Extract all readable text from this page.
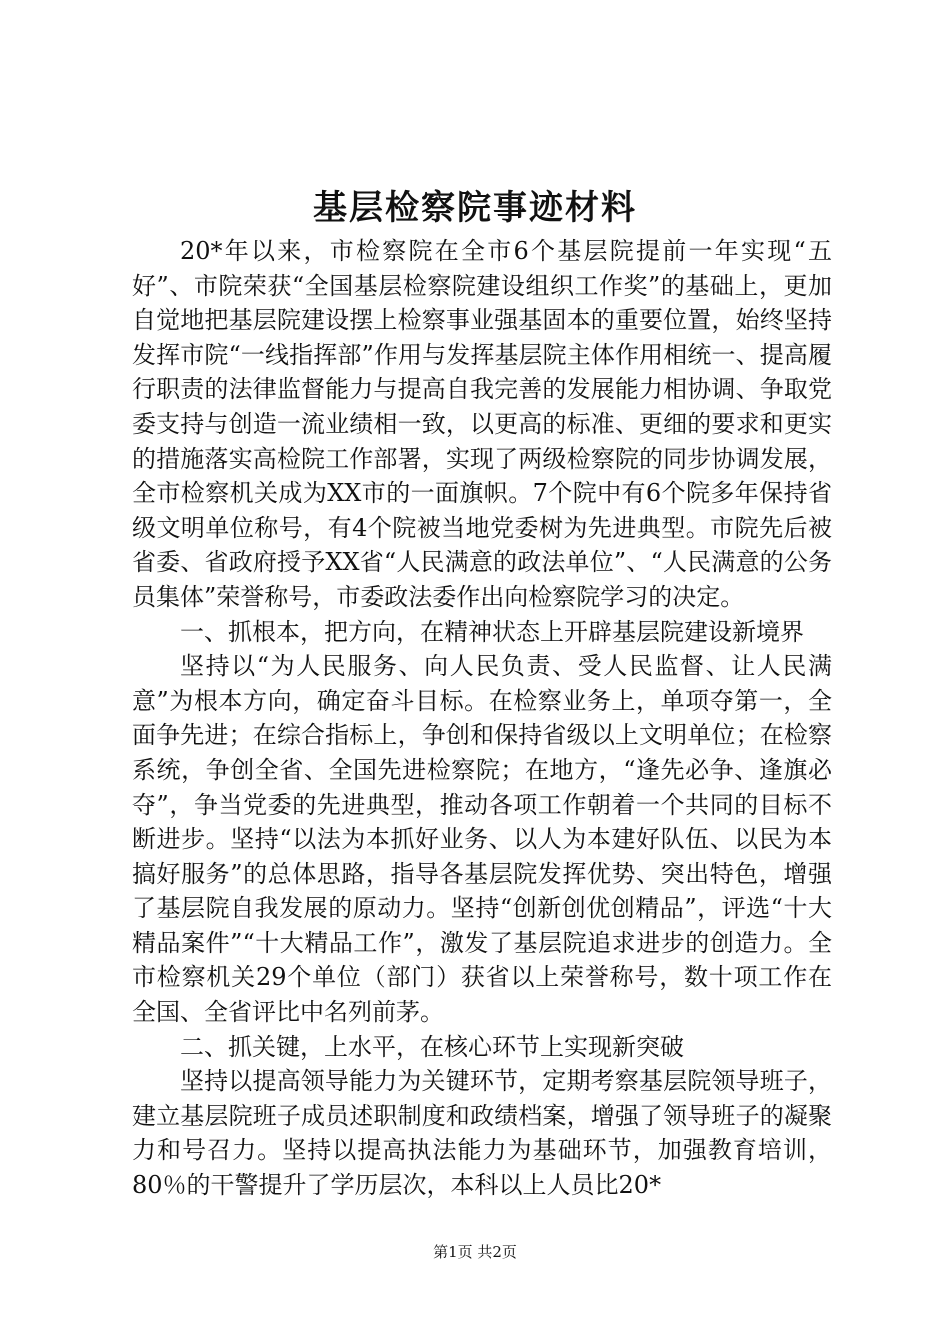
基层检察院事迹材料

20*年以来，市检察院在全市6个基层院提前一年实现“五好”、市院荣获“全国基层检察院建设组织工作奖”的基础上，更加自觉地把基层院建设摆上检察事业强基固本的重要位置，始终坚持发挥市院“一线指挥部”作用与发挥基层院主体作用相统一、提高履行职责的法律监督能力与提高自我完善的发展能力相协调、争取党委支持与创造一流业绩相一致，以更高的标准、更细的要求和更实的措施落实高检院工作部署，实现了两级检察院的同步协调发展，全市检察机关成为XX市的一面旗帜。7个院中有6个院多年保持省级文明单位称号，有4个院被当地党委树为先进典型。市院先后被省委、省政府授予XX省“人民满意的政法单位”、“人民满意的公务员集体”荣誉称号，市委政法委作出向检察院学习的决定。

一、抓根本，把方向，在精神状态上开辟基层院建设新境界

坚持以“为人民服务、向人民负责、受人民监督、让人民满意”为根本方向，确定奋斗目标。在检察业务上，单项夺第一，全面争先进；在综合指标上，争创和保持省级以上文明单位；在检察系统，争创全省、全国先进检察院；在地方，“逢先必争、逢旗必夺”，争当党委的先进典型，推动各项工作朝着一个共同的目标不断进步。坚持“以法为本抓好业务、以人为本建好队伍、以民为本搞好服务”的总体思路，指导各基层院发挥优势、突出特色，增强了基层院自我发展的原动力。坚持“创新创优创精品”，评选“十大精品案件”“十大精品工作”，激发了基层院追求进步的创造力。全市检察机关29个单位（部门）获省以上荣誉称号，数十项工作在全国、全省评比中名列前茅。

二、抓关键，上水平，在核心环节上实现新突破

坚持以提高领导能力为关键环节，定期考察基层院领导班子，建立基层院班子成员述职制度和政绩档案，增强了领导班子的凝聚力和号召力。坚持以提高执法能力为基础环节，加强教育培训，80％的干警提升了学历层次，本科以上人员比20*

第1页 共2页
